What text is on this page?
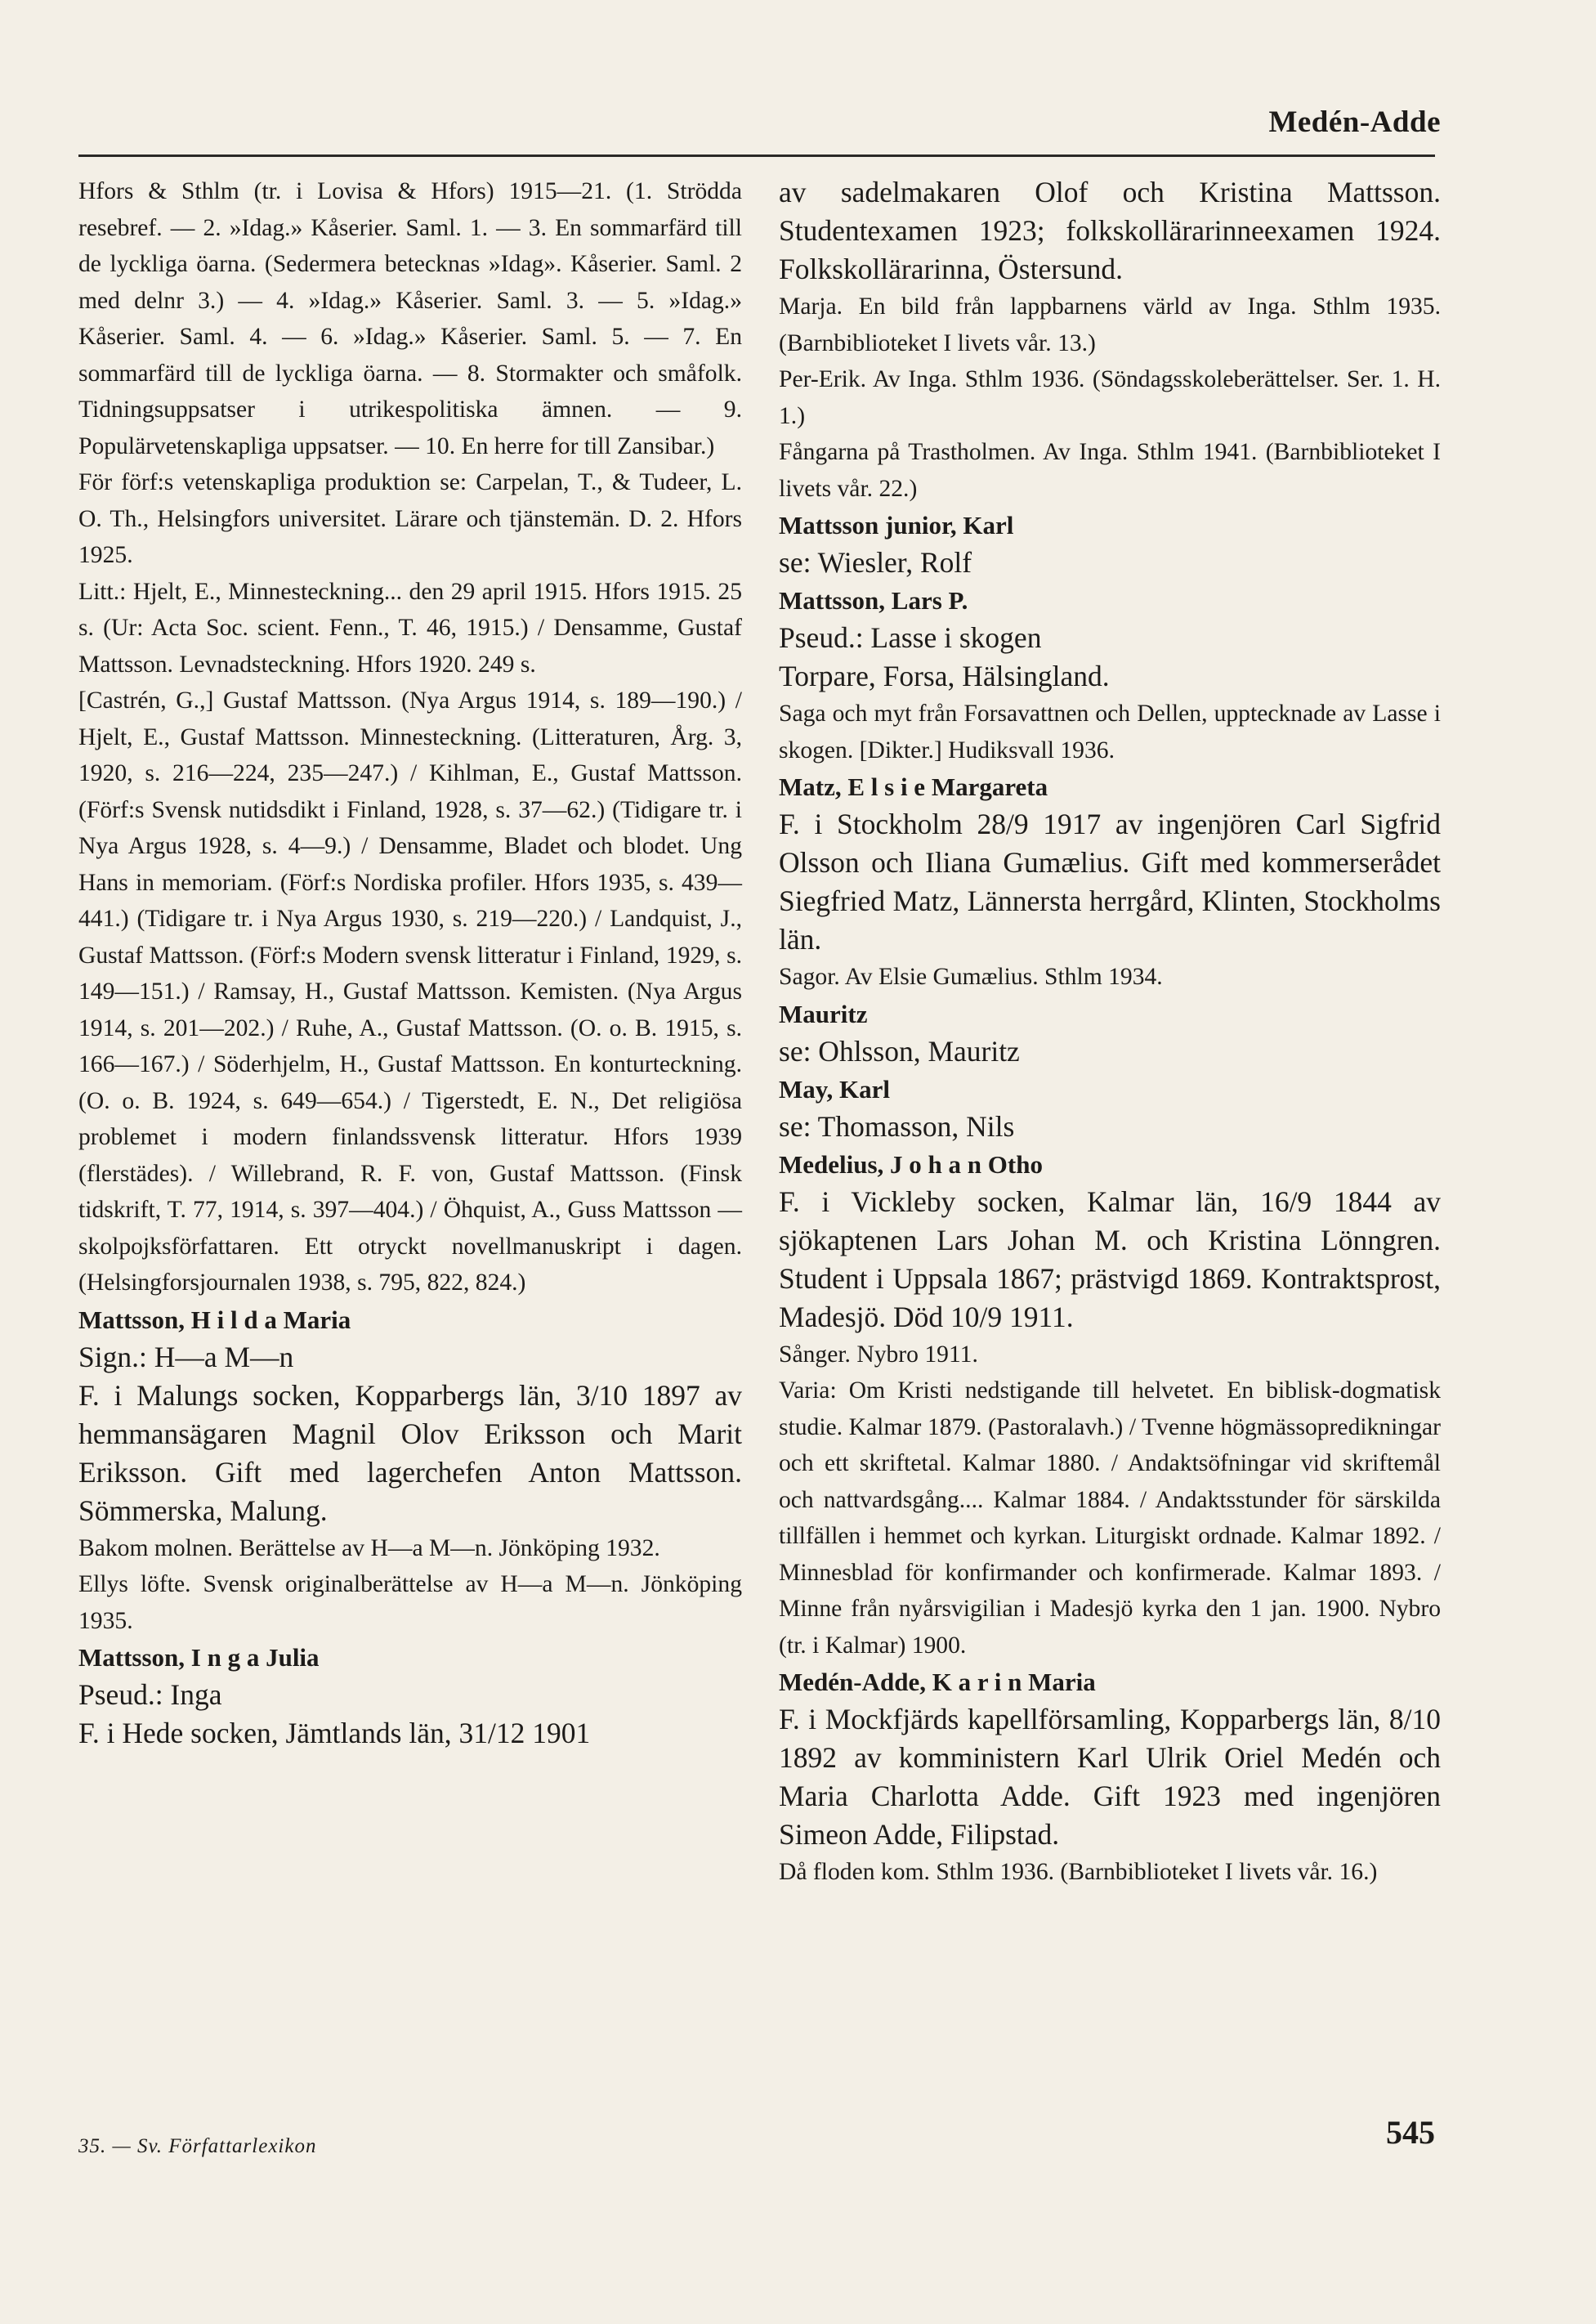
Medén-Adde

Hfors & Sthlm (tr. i Lovisa & Hfors) 1915—21. (1. Strödda resebref. — 2. »Idag.» Kåserier. Saml. 1. — 3. En sommarfärd till de lyckliga öarna. (Sedermera betecknas »Idag». Kåserier. Saml. 2 med delnr 3.) — 4. »Idag.» Kåserier. Saml. 3. — 5. »Idag.» Kåserier. Saml. 4. — 6. »Idag.» Kåserier. Saml. 5. — 7. En sommarfärd till de lyckliga öarna. — 8. Stormakter och småfolk. Tidningsuppsatser i utrikespolitiska ämnen. — 9. Populärvetenskapliga uppsatser. — 10. En herre for till Zansibar.)

För förf:s vetenskapliga produktion se: Carpelan, T., & Tudeer, L. O. Th., Helsingfors universitet. Lärare och tjänstemän. D. 2. Hfors 1925.

Litt.: Hjelt, E., Minnesteckning... den 29 april 1915. Hfors 1915. 25 s. (Ur: Acta Soc. scient. Fenn., T. 46, 1915.) / Densamme, Gustaf Mattsson. Levnadsteckning. Hfors 1920. 249 s.

[Castrén, G.,] Gustaf Mattsson. (Nya Argus 1914, s. 189—190.) / Hjelt, E., Gustaf Mattsson. Minnesteckning. (Litteraturen, Årg. 3, 1920, s. 216—224, 235—247.) / Kihlman, E., Gustaf Mattsson. (Förf:s Svensk nutidsdikt i Finland, 1928, s. 37—62.) (Tidigare tr. i Nya Argus 1928, s. 4—9.) / Densamme, Bladet och blodet. Ung Hans in memoriam. (Förf:s Nordiska profiler. Hfors 1935, s. 439—441.) (Tidigare tr. i Nya Argus 1930, s. 219—220.) / Landquist, J., Gustaf Mattsson. (Förf:s Modern svensk litteratur i Finland, 1929, s. 149—151.) / Ramsay, H., Gustaf Mattsson. Kemisten. (Nya Argus 1914, s. 201—202.) / Ruhe, A., Gustaf Mattsson. (O. o. B. 1915, s. 166—167.) / Söderhjelm, H., Gustaf Mattsson. En konturteckning. (O. o. B. 1924, s. 649—654.) / Tigerstedt, E. N., Det religiösa problemet i modern finlandssvensk litteratur. Hfors 1939 (flerstädes). / Willebrand, R. F. von, Gustaf Mattsson. (Finsk tidskrift, T. 77, 1914, s. 397—404.) / Öhquist, A., Guss Mattsson — skolpojksförfattaren. Ett otryckt novellmanuskript i dagen. (Helsingforsjournalen 1938, s. 795, 822, 824.)

Mattsson, H i l d a Maria

Sign.: H—a M—n

F. i Malungs socken, Kopparbergs län, 3/10 1897 av hemmansägaren Magnil Olov Eriksson och Marit Eriksson. Gift med lagerchefen Anton Mattsson. Sömmerska, Malung.

Bakom molnen. Berättelse av H—a M—n. Jönköping 1932.

Ellys löfte. Svensk originalberättelse av H—a M—n. Jönköping 1935.

Mattsson, I n g a Julia

Pseud.: Inga

F. i Hede socken, Jämtlands län, 31/12 1901

av sadelmakaren Olof och Kristina Mattsson. Studentexamen 1923; folkskollärarinneexamen 1924. Folkskollärarinna, Östersund.

Marja. En bild från lappbarnens värld av Inga. Sthlm 1935. (Barnbiblioteket I livets vår. 13.)

Per-Erik. Av Inga. Sthlm 1936. (Söndagsskoleberättelser. Ser. 1. H. 1.)

Fångarna på Trastholmen. Av Inga. Sthlm 1941. (Barnbiblioteket I livets vår. 22.)

Mattsson junior, Karl

se: Wiesler, Rolf

Mattsson, Lars P.

Pseud.: Lasse i skogen

Torpare, Forsa, Hälsingland.

Saga och myt från Forsavattnen och Dellen, upptecknade av Lasse i skogen. [Dikter.] Hudiksvall 1936.

Matz, E l s i e Margareta

F. i Stockholm 28/9 1917 av ingenjören Carl Sigfrid Olsson och Iliana Gumælius. Gift med kommerserådet Siegfried Matz, Lännersta herrgård, Klinten, Stockholms län.

Sagor. Av Elsie Gumælius. Sthlm 1934.

Mauritz

se: Ohlsson, Mauritz

May, Karl

se: Thomasson, Nils

Medelius, J o h a n Otho

F. i Vickleby socken, Kalmar län, 16/9 1844 av sjökaptenen Lars Johan M. och Kristina Lönngren. Student i Uppsala 1867; prästvigd 1869. Kontraktsprost, Madesjö. Död 10/9 1911.

Sånger. Nybro 1911.

Varia: Om Kristi nedstigande till helvetet. En biblisk-dogmatisk studie. Kalmar 1879. (Pastoralavh.) / Tvenne högmässopredikningar och ett skriftetal. Kalmar 1880. / Andaktsöfningar vid skriftemål och nattvardsgång.... Kalmar 1884. / Andaktsstunder för särskilda tillfällen i hemmet och kyrkan. Liturgiskt ordnade. Kalmar 1892. / Minnesblad för konfirmander och konfirmerade. Kalmar 1893. / Minne från nyårsvigilian i Madesjö kyrka den 1 jan. 1900. Nybro (tr. i Kalmar) 1900.

Medén-Adde, K a r i n Maria

F. i Mockfjärds kapellförsamling, Kopparbergs län, 8/10 1892 av komministern Karl Ulrik Oriel Medén och Maria Charlotta Adde. Gift 1923 med ingenjören Simeon Adde, Filipstad.

Då floden kom. Sthlm 1936. (Barnbiblioteket I livets vår. 16.)

35. — Sv. Författarlexikon	545
